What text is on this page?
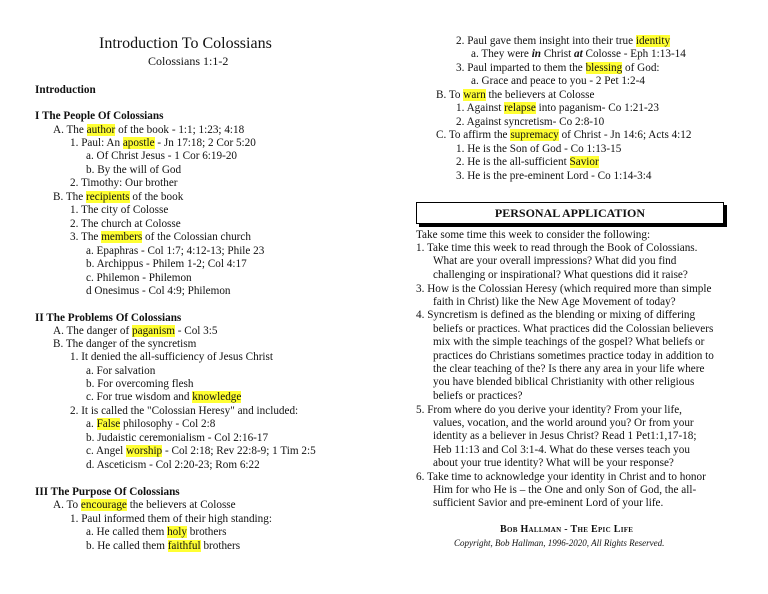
Introduction To Colossians
Colossians 1:1-2
Introduction
I The People Of Colossians
A. The author of the book - 1:1; 1:23; 4:18
1. Paul: An apostle - Jn 17:18; 2 Cor 5:20
a. Of Christ Jesus - 1 Cor 6:19-20
b. By the will of God
2. Timothy: Our brother
B. The recipients of the book
1. The city of Colosse
2. The church at Colosse
3. The members of the Colossian church
a. Epaphras - Col 1:7; 4:12-13; Phile 23
b. Archippus - Philem 1-2; Col 4:17
c. Philemon - Philemon
d Onesimus - Col 4:9; Philemon
II The Problems Of Colossians
A. The danger of paganism - Col 3:5
B. The danger of the syncretism
1. It denied the all-sufficiency of Jesus Christ
a. For salvation
b. For overcoming flesh
c. For true wisdom and knowledge
2. It is called the "Colossian Heresy" and included:
a. False philosophy - Col 2:8
b. Judaistic ceremonialism - Col 2:16-17
c. Angel worship - Col 2:18; Rev 22:8-9; 1 Tim 2:5
d. Asceticism - Col 2:20-23; Rom 6:22
III The Purpose Of Colossians
A. To encourage the believers at Colosse
1. Paul informed them of their high standing:
a. He called them holy brothers
b. He called them faithful brothers
2. Paul gave them insight into their true identity
a. They were in Christ at Colosse - Eph 1:13-14
3. Paul imparted to them the blessing of God:
a. Grace and peace to you - 2 Pet 1:2-4
B. To warn the believers at Colosse
1. Against relapse into paganism- Co 1:21-23
2. Against syncretism- Co 2:8-10
C. To affirm the supremacy of Christ - Jn 14:6; Acts 4:12
1. He is the Son of God - Co 1:13-15
2. He is the all-sufficient Savior
3. He is the pre-eminent Lord - Co 1:14-3:4
PERSONAL APPLICATION
Take some time this week to consider the following:
1. Take time this week to read through the Book of Colossians.
What are your overall impressions? What did you find
challenging or inspirational? What questions did it raise?
3. How is the Colossian Heresy (which required more than simple
faith in Christ) like the New Age Movement of today?
4. Syncretism is defined as the blending or mixing of differing
beliefs or practices. What practices did the Colossian believers
mix with the simple teachings of the gospel? What beliefs or
practices do Christians sometimes practice today in addition to
the clear teaching of the? Is there any area in your life where
you have blended biblical Christianity with other religious
beliefs or practices?
5. From where do you derive your identity? From your life,
values, vocation, and the world around you? Or from your
identity as a believer in Jesus Christ? Read 1 Pet1:1,17-18;
Heb 11:13 and Col 3:1-4. What do these verses teach you
about your true identity? What will be your response?
6. Take time to acknowledge your identity in Christ and to honor
Him for who He is – the One and only Son of God, the all-
sufficient Savior and pre-eminent Lord of your life.
Bob Hallman - The Epic Life
Copyright, Bob Hallman, 1996-2020, All Rights Reserved.
